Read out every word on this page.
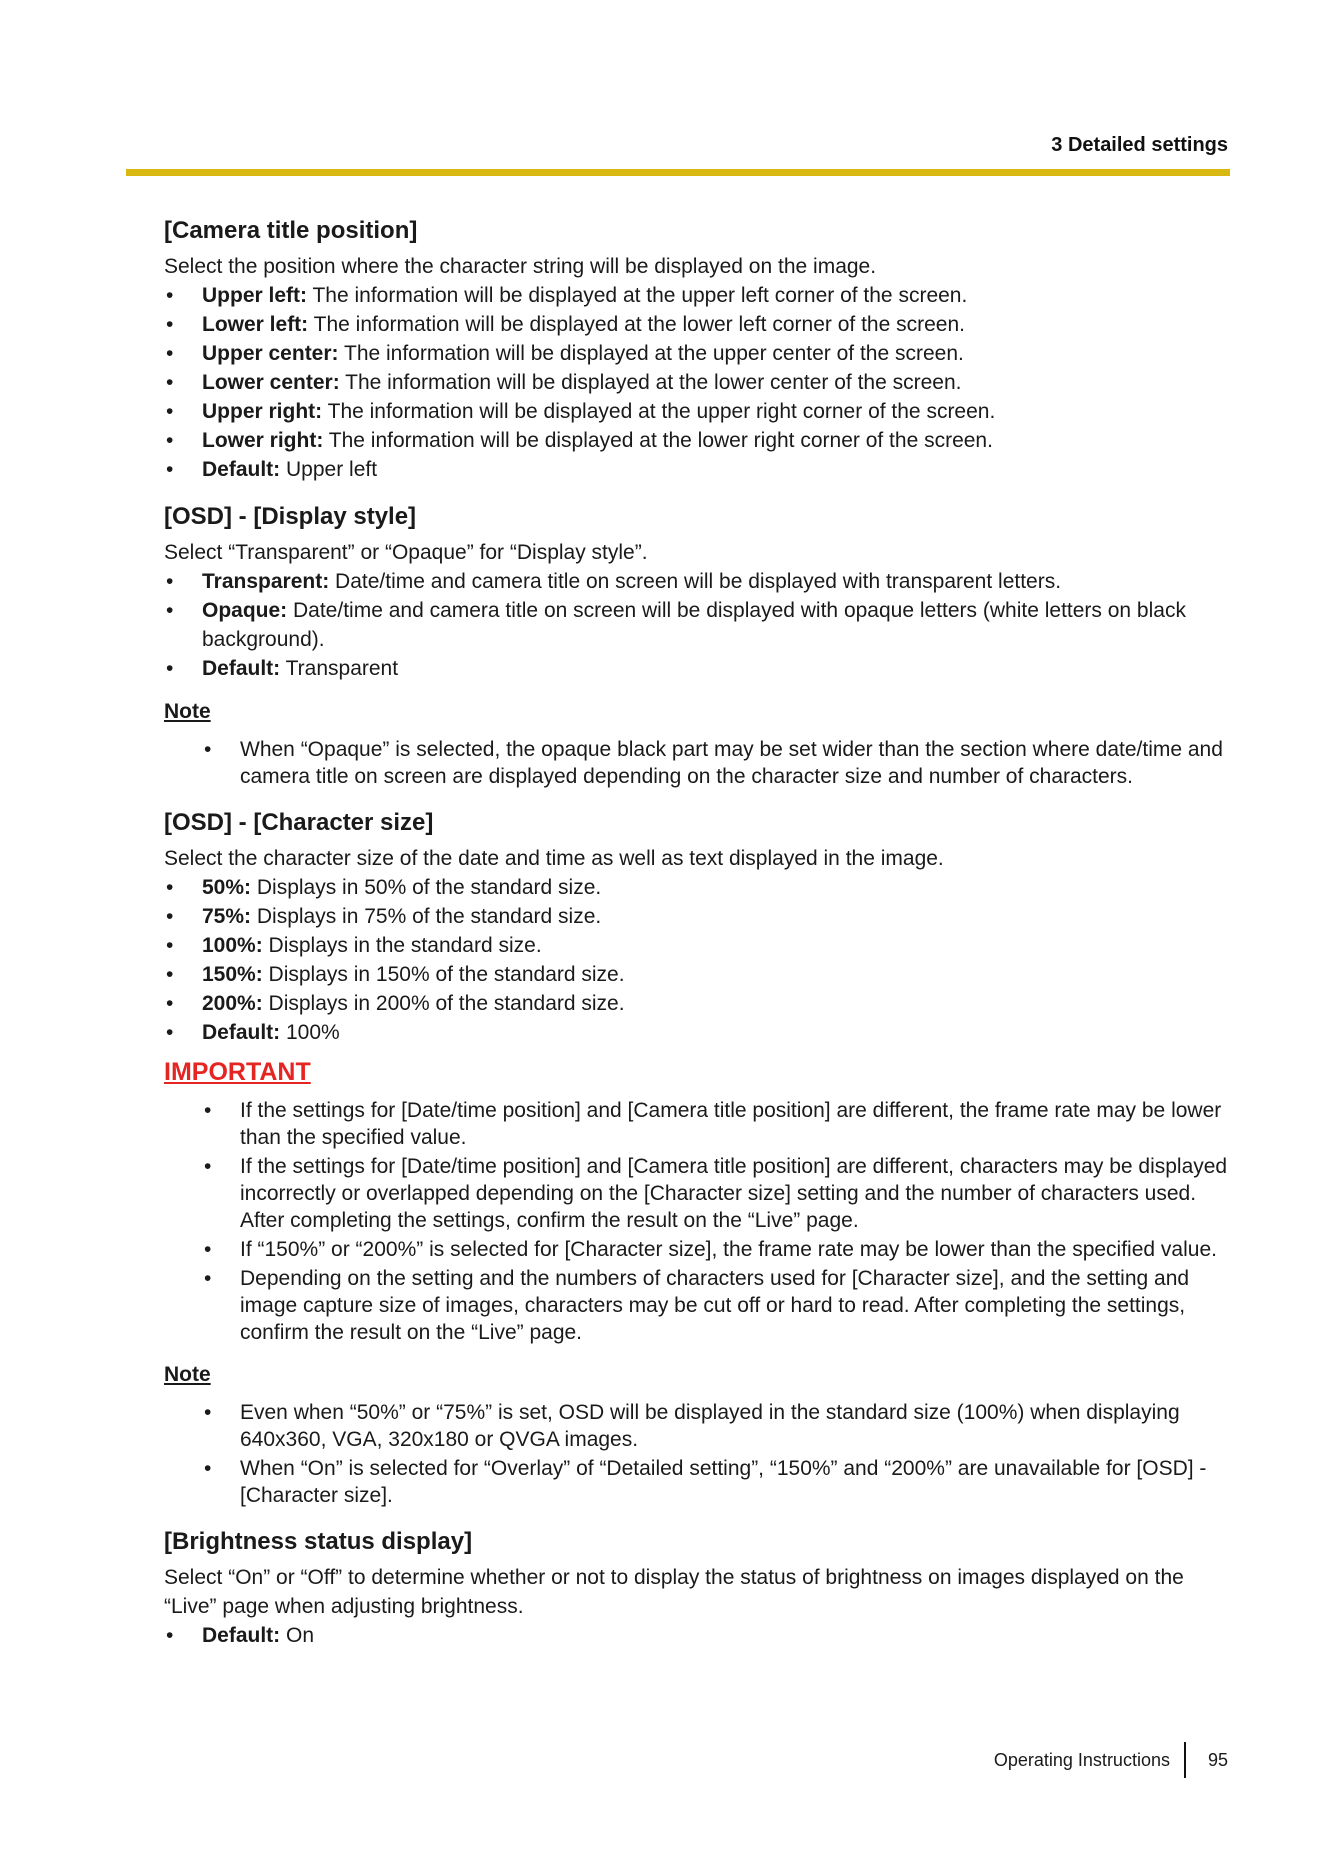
3 Detailed settings
[Camera title position]

Select the position where the character string will be displayed on the image.

• Upper left: The information will be displayed at the upper left corner of the screen.
• Lower left: The information will be displayed at the lower left corner of the screen.
• Upper center: The information will be displayed at the upper center of the screen.
• Lower center: The information will be displayed at the lower center of the screen.
• Upper right: The information will be displayed at the upper right corner of the screen.
• Lower right: The information will be displayed at the lower right corner of the screen.
• Default: Upper left
[OSD] - [Display style]

Select “Transparent” or “Opaque” for “Display style”.

• Transparent: Date/time and camera title on screen will be displayed with transparent letters.
• Opaque: Date/time and camera title on screen will be displayed with opaque letters (white letters on black background).
• Default: Transparent
Note
• When “Opaque” is selected, the opaque black part may be set wider than the section where date/time and camera title on screen are displayed depending on the character size and number of characters.
[OSD] - [Character size]

Select the character size of the date and time as well as text displayed in the image.

• 50%: Displays in 50% of the standard size.
• 75%: Displays in 75% of the standard size.
• 100%: Displays in the standard size.
• 150%: Displays in 150% of the standard size.
• 200%: Displays in 200% of the standard size.
• Default: 100%
IMPORTANT
• If the settings for [Date/time position] and [Camera title position] are different, the frame rate may be lower than the specified value.
• If the settings for [Date/time position] and [Camera title position] are different, characters may be displayed incorrectly or overlapped depending on the [Character size] setting and the number of characters used. After completing the settings, confirm the result on the “Live” page.
• If “150%” or “200%” is selected for [Character size], the frame rate may be lower than the specified value.
• Depending on the setting and the numbers of characters used for [Character size], and the setting and image capture size of images, characters may be cut off or hard to read. After completing the settings, confirm the result on the “Live” page.
Note
• Even when “50%” or “75%” is set, OSD will be displayed in the standard size (100%) when displaying 640x360, VGA, 320x180 or QVGA images.
• When “On” is selected for “Overlay” of “Detailed setting”, “150%” and “200%” are unavailable for [OSD] - [Character size].
[Brightness status display]

Select “On” or “Off” to determine whether or not to display the status of brightness on images displayed on the “Live” page when adjusting brightness.

• Default: On
Operating Instructions 95
